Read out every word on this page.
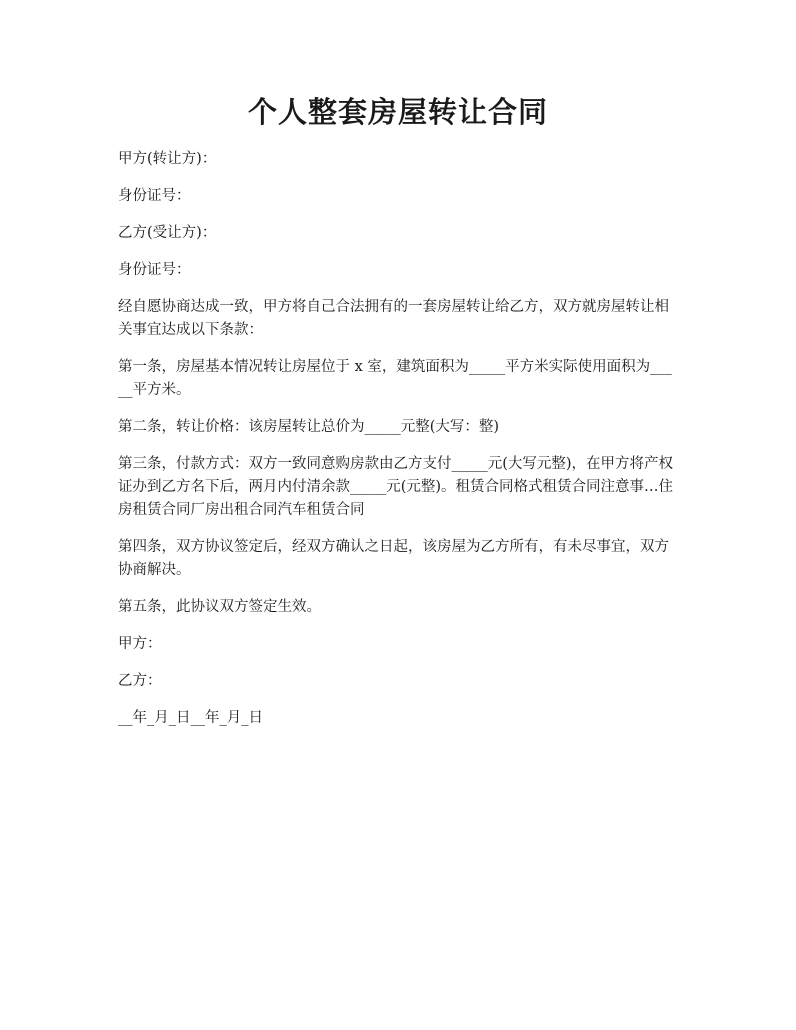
个人整套房屋转让合同

甲方(转让方)：

身份证号：

乙方(受让方)：

身份证号：

经自愿协商达成一致，甲方将自己合法拥有的一套房屋转让给乙方，双方就房屋转让相关事宜达成以下条款：

第一条，房屋基本情况转让房屋位于 x 室，建筑面积为_____平方米实际使用面积为_____平方米。

第二条，转让价格：该房屋转让总价为_____元整(大写：整)

第三条，付款方式：双方一致同意购房款由乙方支付_____元(大写元整)，在甲方将产权证办到乙方名下后，两月内付清余款_____元(元整)。租赁合同格式租赁合同注意事…住房租赁合同厂房出租合同汽车租赁合同

第四条，双方协议签定后，经双方确认之日起，该房屋为乙方所有，有未尽事宜，双方协商解决。

第五条，此协议双方签定生效。

甲方：

乙方：

__年_月_日__年_月_日
